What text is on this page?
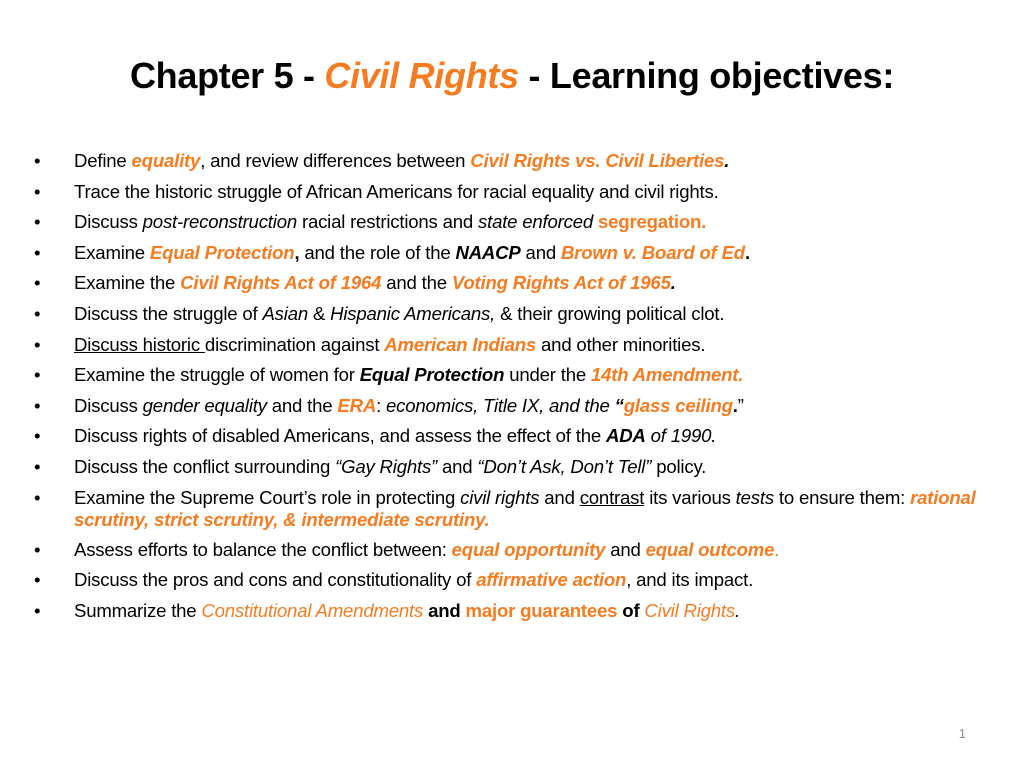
Chapter 5 - Civil Rights - Learning objectives:
• Define equality, and review differences between Civil Rights vs. Civil Liberties.
• Trace the historic struggle of African Americans for racial equality and civil rights.
• Discuss post-reconstruction racial restrictions and state enforced segregation.
• Examine Equal Protection, and the role of the NAACP and Brown v. Board of Ed.
• Examine the Civil Rights Act of 1964 and the Voting Rights Act of 1965.
• Discuss the struggle of Asian & Hispanic Americans, & their growing political clot.
• Discuss historic discrimination against American Indians and other minorities.
• Examine the struggle of women for Equal Protection under the 14th Amendment.
• Discuss gender equality and the ERA: economics, Title IX, and the “glass ceiling.”
• Discuss rights of disabled Americans, and assess the effect of the ADA of 1990.
• Discuss the conflict surrounding “Gay Rights” and “Don’t Ask, Don’t Tell” policy.
• Examine the Supreme Court’s role in protecting civil rights and contrast its various tests to ensure them: rational scrutiny, strict scrutiny, & intermediate scrutiny.
• Assess efforts to balance the conflict between: equal opportunity and equal outcome.
• Discuss the pros and cons and constitutionality of affirmative action, and its impact.
• Summarize the Constitutional Amendments and major guarantees of Civil Rights.
1
